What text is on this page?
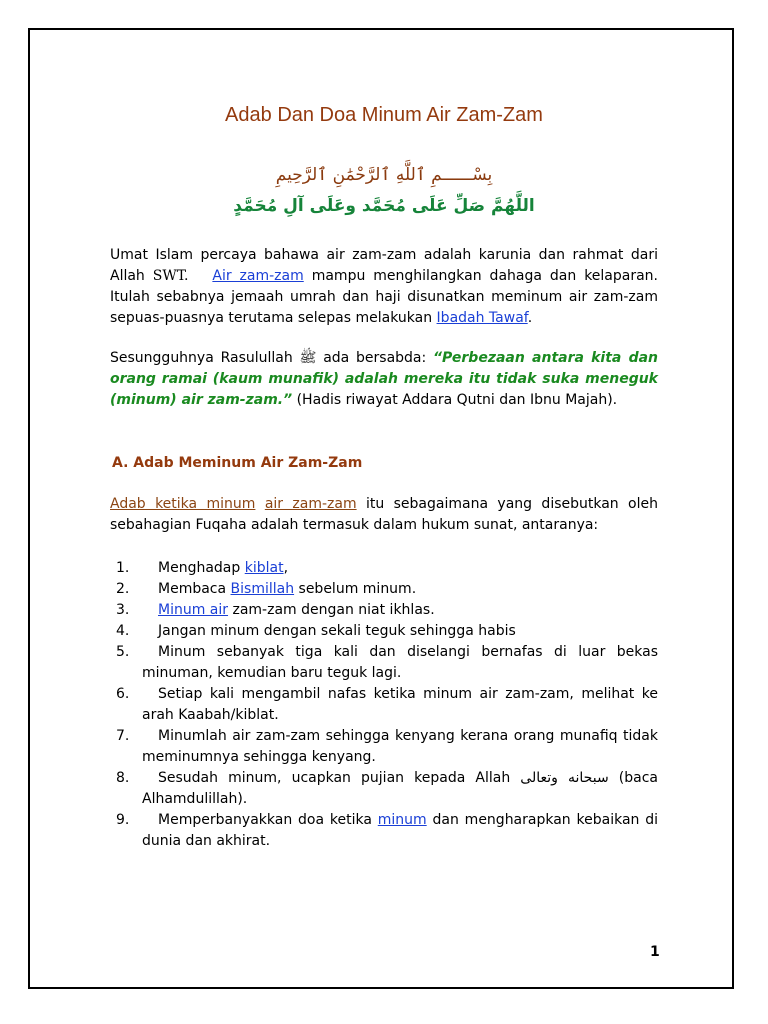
Adab Dan Doa Minum Air Zam-Zam
بِسْــــــمِ ٱللَّهِ ٱلرَّحْمَٰنِ ٱلرَّحِيمِ
اللَّهُمَّ صَلِّ عَلَى مُحَمَّد وعَلَى آلِ مُحَمَّدٍ
Umat Islam percaya bahawa air zam-zam adalah karunia dan rahmat dari Allah SWT. Air zam-zam mampu menghilangkan dahaga dan kelaparan. Itulah sebabnya jemaah umrah dan haji disunatkan meminum air zam-zam sepuas-puasnya terutama selepas melakukan Ibadah Tawaf.
Sesungguhnya Rasulullah ﷺ ada bersabda: “Perbezaan antara kita dan orang ramai (kaum munafik) adalah mereka itu tidak suka meneguk (minum) air zam-zam.” (Hadis riwayat Addara Qutni dan Ibnu Majah).
A. Adab Meminum Air Zam-Zam
Adab ketika minum air zam-zam itu sebagaimana yang disebutkan oleh sebahagian Fuqaha adalah termasuk dalam hukum sunat, antaranya:
1.	Menghadap kiblat,
2.	Membaca Bismillah sebelum minum.
3.	Minum air zam-zam dengan niat ikhlas.
4.	Jangan minum dengan sekali teguk sehingga habis
5.	Minum sebanyak tiga kali dan diselangi bernafas di luar bekas minuman, kemudian baru teguk lagi.
6.	Setiap kali mengambil nafas ketika minum air zam-zam, melihat ke arah Kaabah/kiblat.
7.	Minumlah air zam-zam sehingga kenyang kerana orang munafiq tidak meminumnya sehingga kenyang.
8.	Sesudah minum, ucapkan pujian kepada Allah سبحانه وتعالى (baca Alhamdulillah).
9.	Memperbanyakkan doa ketika minum dan mengharapkan kebaikan di dunia dan akhirat.
1
